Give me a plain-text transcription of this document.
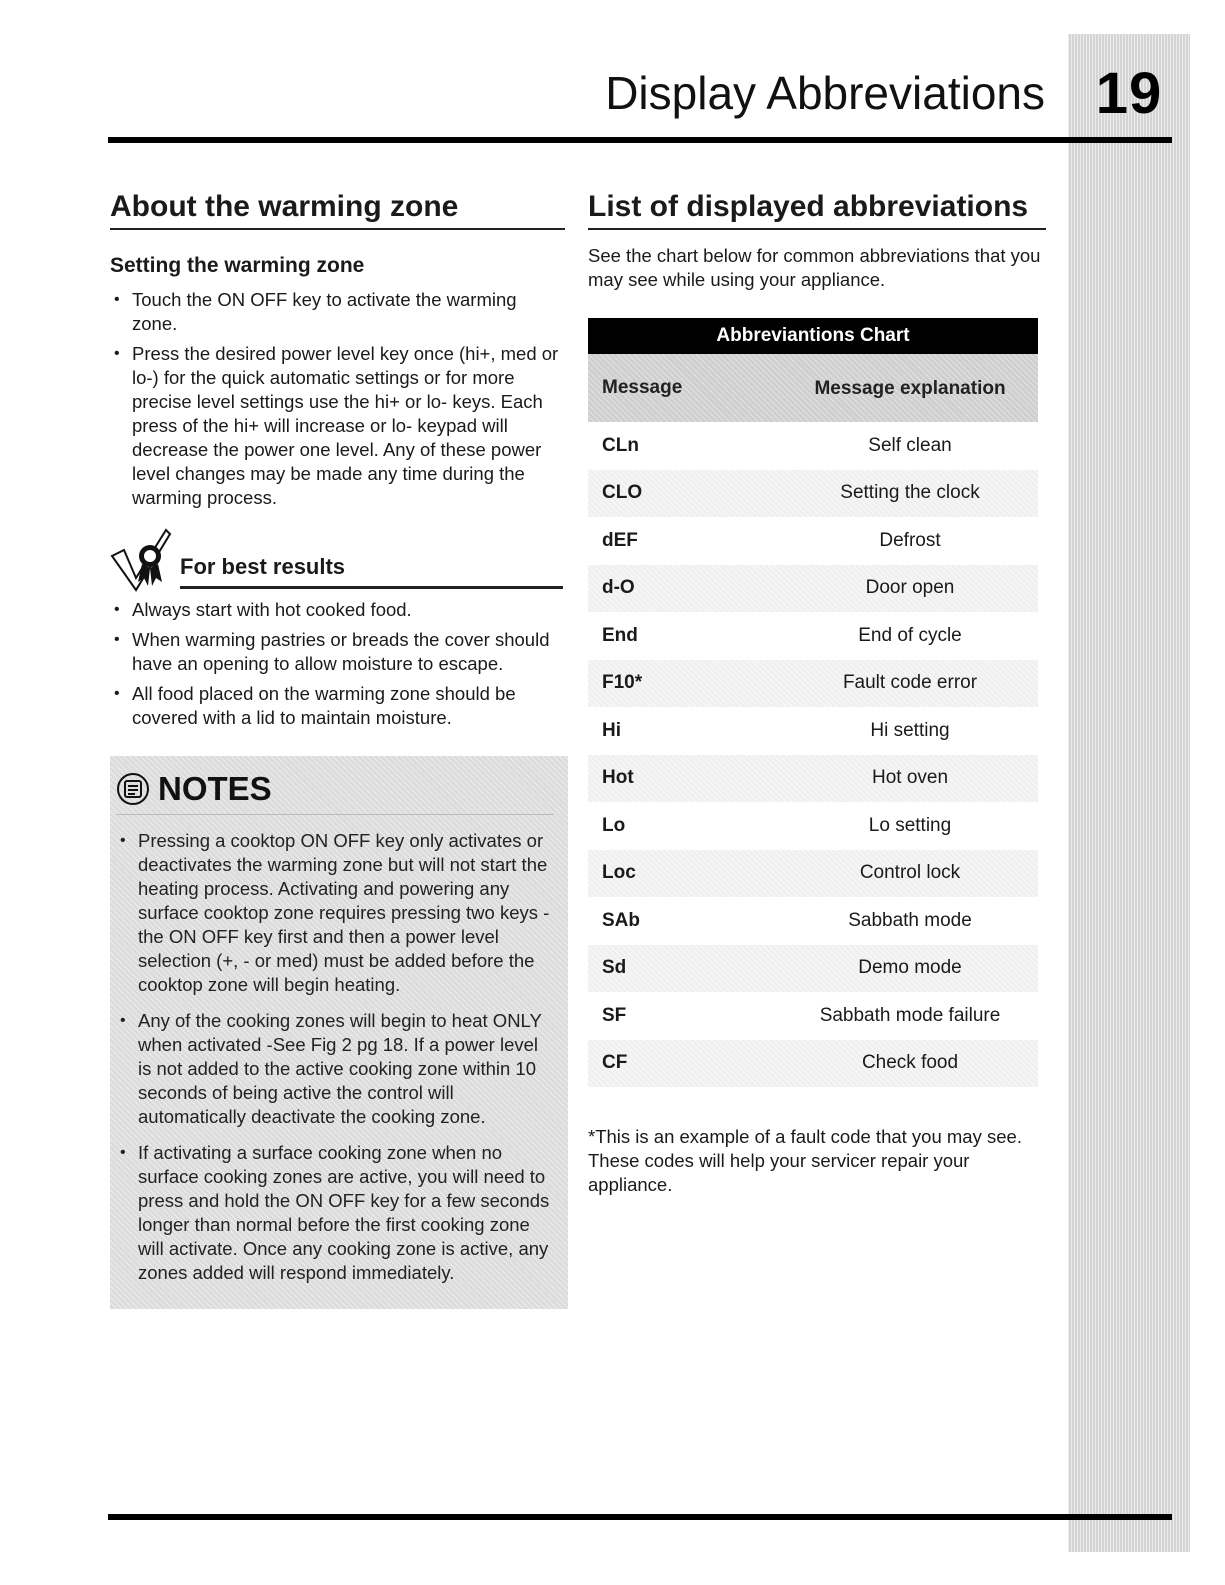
19
Display Abbreviations
About the warming zone
Setting the warming zone
• Touch the ON OFF key to activate the warming zone.
• Press the desired power level key once (hi+, med or lo-) for the quick automatic settings or for more precise level settings use the hi+ or lo- keys. Each press of the hi+ will increase or lo- keypad will decrease the power one level. Any of these power level changes may be made any time during the warming process.
For best results
• Always start with hot cooked food.
• When warming pastries or breads the cover should have an opening to allow moisture to escape.
• All food placed on the warming zone should be covered with a lid to maintain moisture.
NOTES
• Pressing a cooktop ON OFF key only activates or deactivates the warming zone but will not start the heating process. Activating and powering any surface cooktop zone requires pressing two keys - the ON OFF key first and then a power level selection (+, - or med) must be added before the cooktop zone will begin heating.
• Any of the cooking zones will begin to heat ONLY when activated -See Fig 2 pg 18. If a power level is not added to the active cooking zone within 10 seconds of being active the control will automatically deactivate the cooking zone.
• If activating a surface cooking zone when no surface cooking zones are active, you will need to press and hold the ON OFF key for a few seconds longer than normal before the first cooking zone will activate. Once any cooking zone is active, any zones added will respond immediately.
List of displayed abbreviations

See the chart below for common abbreviations that you may see while using your appliance.

Abbreviantions Chart
Message	Message explanation
CLn	Self clean
CLO	Setting the clock
dEF	Defrost
d-O	Door open
End	End of cycle
F10*	Fault code error
Hi	Hi setting
Hot	Hot oven
Lo	Lo setting
Loc	Control lock
SAb	Sabbath mode
Sd	Demo mode
SF	Sabbath mode failure
CF	Check food
*This is an example of a fault code that you may see. These codes will help your servicer repair your appliance.
